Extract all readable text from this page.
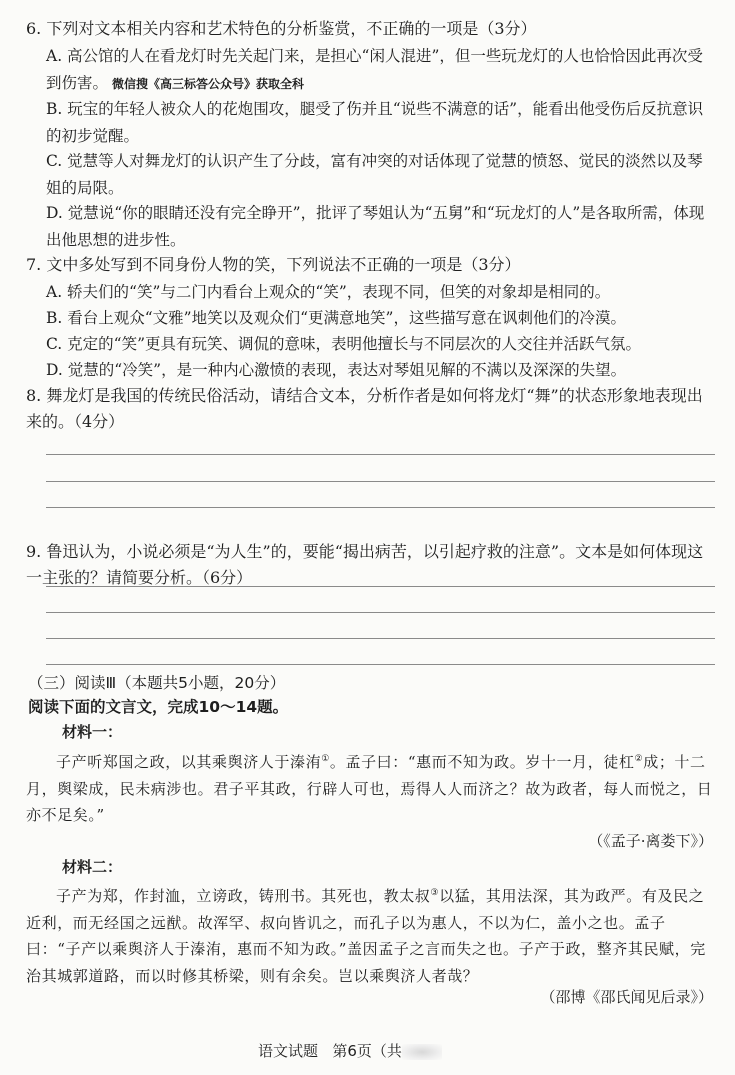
6. 下列对文本相关内容和艺术特色的分析鉴赏，不正确的一项是（3分）
A. 高公馆的人在看龙灯时先关起门来，是担心“闲人混进”，但一些玩龙灯的人也恰恰因此再次受到伤害。 微信搜《高三标答公众号》获取全科
B. 玩宝的年轻人被众人的花炮围攻，腿受了伤并且“说些不满意的话”，能看出他受伤后反抗意识的初步觉醒。
C. 觉慧等人对舞龙灯的认识产生了分歧，富有冲突的对话体现了觉慧的愤怒、觉民的淡然以及琴姐的局限。
D. 觉慧说“你的眼睛还没有完全睁开”，批评了琴姐认为“五舅”和“玩龙灯的人”是各取所需，体现出他思想的进步性。
7. 文中多处写到不同身份人物的笑，下列说法不正确的一项是（3分）
A. 轿夫们的“笑”与二门内看台上观众的“笑”，表现不同，但笑的对象却是相同的。
B. 看台上观众“文雅”地笑以及观众们“更满意地笑”，这些描写意在讽刺他们的冷漠。
C. 克定的“笑”更具有玩笑、调侃的意味，表明他擅长与不同层次的人交往并活跃气氛。
D. 觉慧的“冷笑”，是一种内心激愤的表现，表达对琴姐见解的不满以及深深的失望。
8. 舞龙灯是我国的传统民俗活动，请结合文本，分析作者是如何将龙灯“舞”的状态形象地表现出来的。（4分）
9. 鲁迅认为，小说必须是“为人生”的，要能“揭出病苦，以引起疗救的注意”。文本是如何体现这一主张的？请简要分析。（6分）
（三）阅读Ⅲ（本题共5小题，20分）
阅读下面的文言文，完成10～14题。
材料一：
子产听郑国之政，以其乘舆济人于溱洧①。孟子曰：“惠而不知为政。岁十一月，徒杠②成；十二月，舆梁成，民未病涉也。君子平其政，行辟人可也，焉得人人而济之？故为政者，每人而悦之，日亦不足矣。”
（《孟子·离娄下》）
材料二：
子产为郑，作封洫，立谤政，铸刑书。其死也，教太叔③以猛，其用法深，其为政严。有及民之近利，而无经国之远猷。故浑罕、叔向皆讥之，而孔子以为惠人，不以为仁，盖小之也。孟子曰：“子产以乘舆济人于溱洧，惠而不知为政。”盖因孟子之言而失之也。子产于政，整齐其民赋，完治其城郭道路，而以时修其桥梁，则有余矣。岂以乘舆济人者哉？
（邵博《邵氏闻见后录》）
语文试题 第6页（共
